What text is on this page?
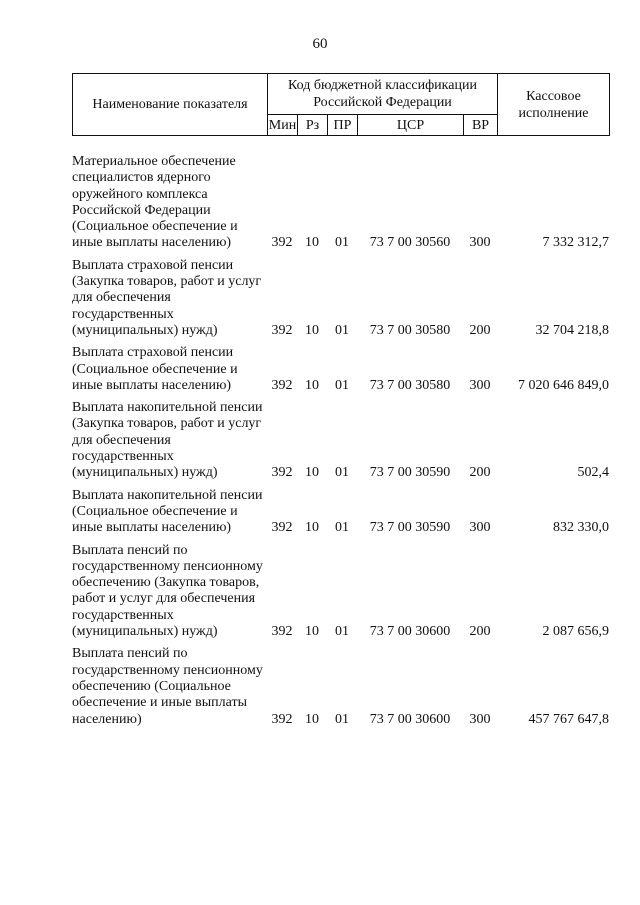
60
Наименование показателя	Код бюджетной классификации Российской Федерации					Кассовое исполнение
	Мин	Рз	ПР	ЦСР	ВР	
Материальное обеспечение специалистов ядерного оружейного комплекса Российской Федерации (Социальное обеспечение и иные выплаты населению)	392	10	01	73 7 00 30560	300	7 332 312,7
Выплата страховой пенсии (Закупка товаров, работ и услуг для обеспечения государственных (муниципальных) нужд)	392	10	01	73 7 00 30580	200	32 704 218,8
Выплата страховой пенсии (Социальное обеспечение и иные выплаты населению)	392	10	01	73 7 00 30580	300	7 020 646 849,0
Выплата накопительной пенсии (Закупка товаров, работ и услуг для обеспечения государственных (муниципальных) нужд)	392	10	01	73 7 00 30590	200	502,4
Выплата накопительной пенсии (Социальное обеспечение и иные выплаты населению)	392	10	01	73 7 00 30590	300	832 330,0
Выплата пенсий по государственному пенсионному обеспечению (Закупка товаров, работ и услуг для обеспечения государственных (муниципальных) нужд)	392	10	01	73 7 00 30600	200	2 087 656,9
Выплата пенсий по государственному пенсионному обеспечению (Социальное обеспечение и иные выплаты населению)	392	10	01	73 7 00 30600	300	457 767 647,8
